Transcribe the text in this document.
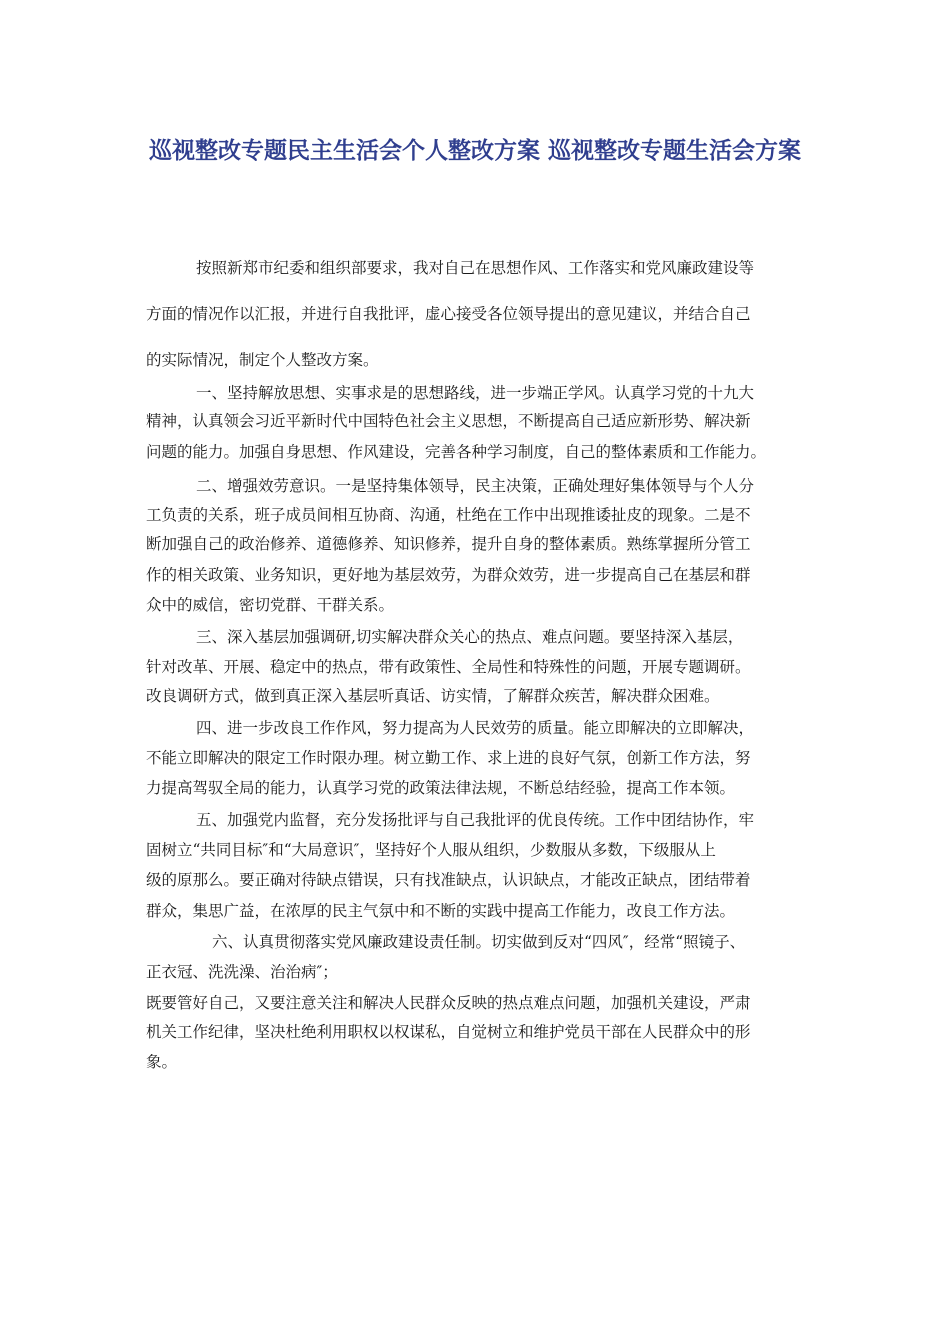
巡视整改专题民主生活会个人整改方案 巡视整改专题生活会方案

按照新郑市纪委和组织部要求，我对自己在思想作风、工作落实和党风廉政建设等

方面的情况作以汇报，并进行自我批评，虚心接受各位领导提出的意见建议，并结合自己

的实际情况，制定个人整改方案。

一、坚持解放思想、实事求是的思想路线，进一步端正学风。认真学习党的十九大

精神，认真领会习近平新时代中国特色社会主义思想，不断提高自己适应新形势、解决新

问题的能力。加强自身思想、作风建设，完善各种学习制度，自己的整体素质和工作能力。

二、增强效劳意识。一是坚持集体领导，民主决策，正确处理好集体领导与个人分

工负责的关系，班子成员间相互协商、沟通，杜绝在工作中出现推诿扯皮的现象。二是不

断加强自己的政治修养、道德修养、知识修养，提升自身的整体素质。熟练掌握所分管工

作的相关政策、业务知识，更好地为基层效劳，为群众效劳，进一步提高自己在基层和群

众中的威信，密切党群、干群关系。

三、深入基层加强调研,切实解决群众关心的热点、难点问题。要坚持深入基层，

针对改革、开展、稳定中的热点，带有政策性、全局性和特殊性的问题，开展专题调研。

改良调研方式，做到真正深入基层听真话、访实情，了解群众疾苦，解决群众困难。

四、进一步改良工作作风，努力提高为人民效劳的质量。能立即解决的立即解决，

不能立即解决的限定工作时限办理。树立勤工作、求上进的良好气氛，创新工作方法，努

力提高驾驭全局的能力，认真学习党的政策法律法规，不断总结经验，提高工作本领。

五、加强党内监督，充分发扬批评与自己我批评的优良传统。工作中团结协作，牢

固树立“共同目标″和“大局意识″，坚持好个人服从组织，少数服从多数，下级服从上

级的原那么。要正确对待缺点错误，只有找准缺点，认识缺点，才能改正缺点，团结带着

群众，集思广益，在浓厚的民主气氛中和不断的实践中提高工作能力，改良工作方法。

六、认真贯彻落实党风廉政建设责任制。切实做到反对“四风″，经常“照镜子、

正衣冠、洗洗澡、治治病″；

既要管好自己，又要注意关注和解决人民群众反映的热点难点问题，加强机关建设，严肃

机关工作纪律，坚决杜绝利用职权以权谋私，自觉树立和维护党员干部在人民群众中的形

象。
